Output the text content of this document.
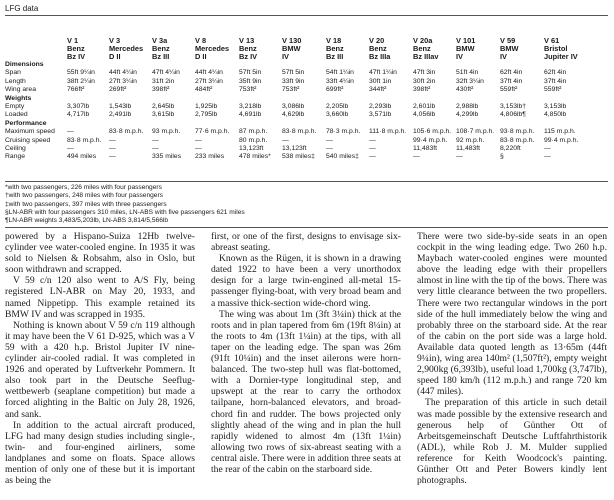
LFG data
	V 1	V 3	V 3a	V 8	V 13	V 130	V 18	V 20	V 20a	V 101	V 59	V 61
	Benz	Mercedes	Benz	Mercedes	Benz	BMW	Benz	Benz	Benz	BMW	BMW	Bristol
	Bz IV	D II	Bz III	D II	Bz IV	IV	Bz III	Bz IIIa	Bz IIIav	IV	IV	Jupiter IV
Dimensions												
Span	55ft 9¼in	44ft 4¼in	47ft 4¼in	44ft 4¼in	57ft 5in	57ft 5in	54ft 1¼in	47ft 1¼in	47ft 3in	51ft 4in	62ft 4in	62ft 4in
Length	38ft 2¼in	27ft 3¼in	31ft 2in	27ft 3¼in	35ft 9in	33ft 9in	33ft 4¼in	30ft 1in	30ft 2in	32ft 3¼in	37ft 4in	37ft 4in
Wing area	766ft²	269ft²	398ft²	484ft²	753ft²	753ft²	699ft²	344ft²	398ft²	430ft²	559ft²	559ft²
Weights												
Empty	3,307lb	1,543lb	2,645lb	1,925lb	3,218lb	3,086lb	2,205lb	2,293lb	2,601lb	2,988lb	3,153lb†	3,153lb
Loaded	4,717lb	2,491lb	3,615lb	2,795lb	4,691lb	4,629lb	3,660lb	3,571lb	4,056lb	4,299lb	4,806lb¶	4,850lb
Performance												
Maximum speed	—	83·8 m.p.h.	93 m.p.h.	77·6 m.p.h.	87 m.p.h.	83·8 m.p.h.	78·3 m.p.h.	111·8 m.p.h.	105·6 m.p.h.	108·7 m.p.h.	93·8 m.p.h.	115 m.p.h.
Cruising speed	83·8 m.p.h.	—	—	—	80 m.p.h.	—	—	—	99·4 m.p.h.	92 m.p.h.	83·8 m.p.h.	99·4 m.p.h.
Ceiling	—	—	—	—	13,123ft	13,123ft	—	—	11,483ft	11,483ft	8,220ft	—
Range	494 miles	—	335 miles	233 miles	478 miles*	538 miles‡	540 miles‡	—	—	—	§	—
*with two passengers, 226 miles with four passengers
†with two passengers, 248 miles with four passengers
‡with two passengers, 397 miles with three passengers
§LN-ABR with four passengers 310 miles, LN-ABS with five passengers 621 miles
¶LN-ABR weights 3,483/5,203lb, LN-ABS 3,814/5,566lb

powered by a Hispano-Suiza 12Hb twelve-cylinder vee water-cooled engine. In 1935 it was sold to Nielsen & Robsahm, also in Oslo, but soon withdrawn and scrapped.

V 59 c/n 120 also went to A/S Fly, being registered LN-ABR on May 20, 1933, and named Nippetipp. This example retained its BMW IV and was scrapped in 1935.

Nothing is known about V 59 c/n 119 although it may have been the V 61 D-925, which was a V 59 with a 420 h.p. Bristol Jupiter IV nine-cylinder air-cooled radial. It was completed in 1926 and operated by Luftverkehr Pommern. It also took part in the Deutsche Seeflug-wettbewerb (seaplane competition) but made a forced alighting in the Baltic on July 28, 1926, and sank.

In addition to the actual aircraft produced, LFG had many design studies including single-, twin- and four-engined airliners, some landplanes and some on floats. Space allows mention of only one of these but it is important as being the

first, or one of the first, designs to envisage six-abreast seating.

Known as the Rügen, it is shown in a drawing dated 1922 to have been a very unorthodox design for a large twin-engined all-metal 15-passenger flying-boat, with very broad beam and a massive thick-section wide-chord wing.

The wing was about 1m (3ft 3¼in) thick at the roots and in plan tapered from 6m (19ft 8¼in) at the roots to 4m (13ft 1¼in) at the tips, with all taper on the leading edge. The span was 26m (91ft 10¼in) and the inset ailerons were horn-balanced. The two-step hull was flat-bottomed, with a Dornier-type longitudinal step, and upswept at the rear to carry the orthodox tailpane, horn-balanced elevators, and broad-chord fin and rudder. The bows projected only slightly ahead of the wing and in plan the hull rapidly widened to almost 4m (13ft 1¼in) allowing two rows of six-abreast seating with a central aisle. There were in addition three seats at the rear of the cabin on the starboard side.

There were two side-by-side seats in an open cockpit in the wing leading edge. Two 260 h.p. Maybach water-cooled engines were mounted above the leading edge with their propellers almost in line with the tip of the bows. There was very little clearance between the two propellers. There were two rectangular windows in the port side of the hull immediately below the wing and probably three on the starboard side. At the rear of the cabin on the port side was a large hold. Available data quoted length as 13·65m (44ft 9¼in), wing area 140m² (1,507ft²), empty weight 2,900kg (6,393lb), useful load 1,700kg (3,747lb), speed 180 km/h (112 m.p.h.) and range 720 km (447 miles).

The preparation of this article in such detail was made possible by the extensive research and generous help of Günther Ott of Arbeitsgemeinschaft Deutsche Luftfahrthistorik (ADL), while Rob J. M. Mulder supplied reference for Keith Woodcock's painting. Günther Ott and Peter Bowers kindly lent photographs.
